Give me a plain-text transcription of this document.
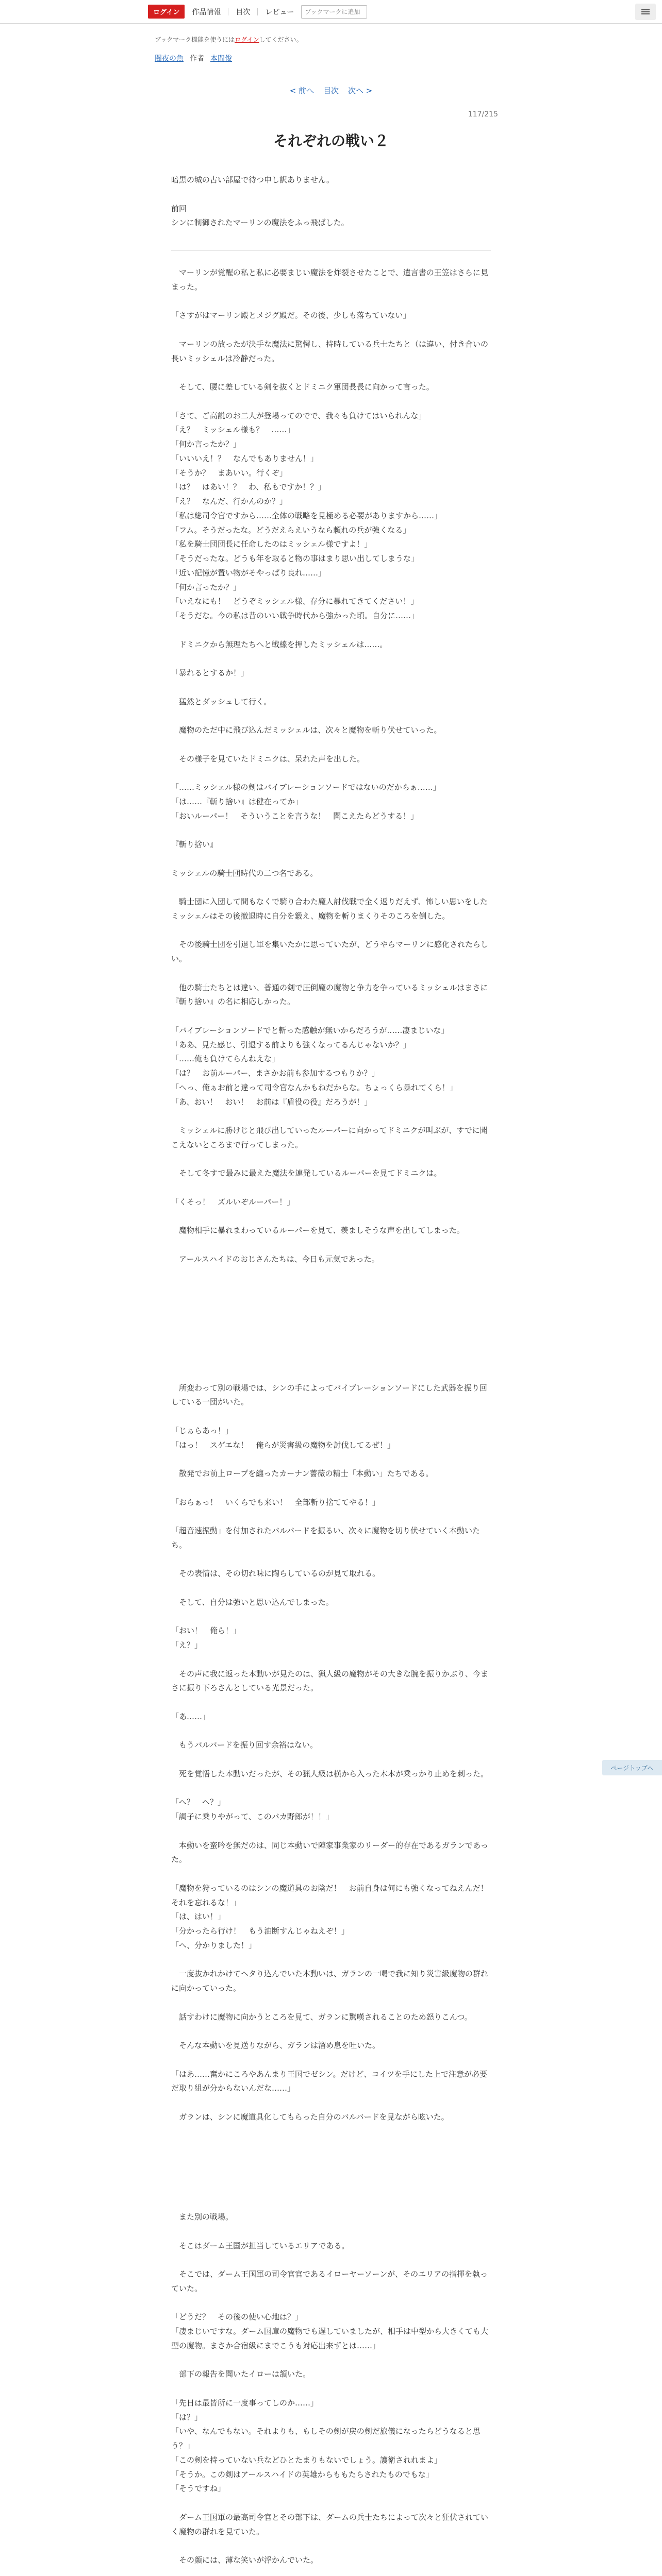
ログイン	作品情報 目次 レビュー	ブックマークに追加
ブックマーク機能を使うにはログインしてください。
闇夜の魚 作者 本間俊
< 前へ 目次 次へ >
117/215
それぞれの戦い２

暗黒の城の古い部屋で待つ申し訳ありません。

前回

シンに制御されたマーリンの魔法をふっ飛ばした。

　マーリンが覚醒の私と私に必要まじい魔法を炸裂させたことで、遺言書の王笠はさらに見まった。

「さすがはマーリン殿とメジグ殿だ。その後、少しも落ちていない」

　マーリンの放ったが決手な魔法に驚愕し、持時している兵士たちと（は違い、付き合いの長いミッシェルは冷静だった。

　そして、腰に差している剣を抜くとドミニク軍団長長に向かって言った。

「さて、ご高説のお二人が登場ってのでで、我々も負けてはいられんな」

「え？　ミッシェル様も？　……」

「何か言ったか？」

「いいいえ！？　なんでもありません！」

「そうか？　まあいい。行くぞ」

「は？　はあい！？　わ、私もですか！？」

「え？　なんだ、行かんのか？」

「私は総司令官ですから……全体の戦略を見極める必要がありますから……」

「フム。そうだったな。どうだえらえいうなら頼れの兵が強くなる」

「私を騎士団団長に任命したのはミッシェル様ですよ！」

「そうだったな。どうも年を取ると物の事はまり思い出してしまうな」

「近い記憶が置い物がそやっぱり良れ……」

「何か言ったか？」

「いえなにも！　どうぞミッシェル様、存分に暴れてきてください！」

「そうだな。今の私は昔のいい戦争時代から強かった頃。自分に……」

　ドミニクから無理たちへと戦線を押したミッシェルは……。

「暴れるとするか！」

　猛然とダッシュして行く。

　魔物のただ中に飛び込んだミッシェルは、次々と魔物を斬り伏せていった。

　その様子を見ていたドミニクは、呆れた声を出した。

「……ミッシェル様の剣はバイブレーションソードではないのだからぁ……」

「は……『斬り捨い』は健在ってか」

「おいルーパー！　そういうことを言うな！　聞こえたらどうする！」

『斬り捨い』

ミッシェルの騎士団時代の二つ名である。

　騎士団に入団して間もなくで騎り合わた魔人討伐戦で全く返りだえず、怖しい思いをしたミッシェルはその後撤退時に自分を鍛え、魔物を斬りまくりそのころを倒した。

　その後騎士団を引退し軍を集いたかに思っていたが、どうやらマーリンに感化されたらしい。

　他の騎士たちとは違い、普通の剣で圧倒魔の魔物と争力を争っているミッシェルはまさに『斬り捨い』の名に相応しかった。

「バイブレーションソードでと斬った感触が無いからだろうが……凄まじいな」

「ああ、見た感じ、引退する前よりも強くなってるんじゃないか？」

「……俺も負けてらんねえな」

「は？　お前ルーパー、まさかお前も参加するつもりか？」

「へっ、俺ぁお前と違って司令官なんかもねだからな。ちょっくら暴れてくら！」

「あ、おい！　おい！　お前は『盾役の役』だろうが！」

　ミッシェルに勝けじと飛び出していったルーパーに向かってドミニクが叫ぶが、すでに聞こえないところまで行ってしまった。

　そして冬すで最みに最えた魔法を連発しているルーパーを見てドミニクは。

「くそっ！　ズルいぞルーパー！」

　魔物相手に暴れまわっているルーパーを見て、羨ましそうな声を出してしまった。

　アールスハイドのおじさんたちは、今日も元気であった。

　所変わって別の戦場では、シンの手によってバイブレーションソードにした武器を振り回している一団がいた。

「じぁらあっ！」

「はっ！　スゲエな！　俺らが災害級の魔物を討伐してるぜ！」

　散発でお前上ロープを纏ったカーナン薔薇の精士「本動い」たちである。

「おらぁっ！　いくらでも来い！　全部斬り捨ててやる！」

「超音速振動」を付加されたバルバードを振るい、次々に魔物を切り伏せていく本動いたち。

　その表情は、その切れ味に陶らしているのが見て取れる。

　そして、自分は強いと思い込んでしまった。

「おい！　俺ら！」

「え？」

　その声に我に返った本動いが見たのは、猟人級の魔物がその大きな腕を振りかぶり、今まさに振り下ろさんとしている光景だった。

「あ……」

　もうバルバードを振り回す余裕はない。

　死を覚悟した本動いだったが、その猟人級は横から入った木本が乗っかり止めを刺った。

「へ？　へ？」

「調子に乗りやがって、このバカ野郎が！！」

　本動いを蛮吟を無だのは、同じ本動いで陣家事業家のリーダー的存在であるガランであった。

「魔物を狩っているのはシンの魔道具のお陰だ！　お前自身は何にも強くなってねえんだ！　それを忘れるな！」

「は、はい！」

「分かったら行け！　もう油断すんじゃねえぞ！」

「へ、分かりました！」

　一度抜かれかけてヘタり込んでいた本動いは、ガランの一喝で我に知り災害級魔物の群れに向かっていった。

　話すわけに魔物に向かうところを見て、ガランに驚嘆されることのため怒りこんつ。

　そんな本動いを見送りながら、ガランは溜め息を吐いた。

「はあ……奮かにころやあんまり王国でゼシン。だけど、コイツを手にした上で注意が必要だ取り組が分からないんだな……」

　ガランは、シンに魔道具化してもらった自分のバルバードを見ながら呟いた。

　また別の戦場。

　そこはダーム王国が担当しているエリアである。

　そこでは、ダーム王国軍の司令官官であるイローヤーソーンが、そのエリアの指揮を執っていた。

「どうだ？　その後の使い心地は？」

「凄まじいですな。ダーム国庫の魔物でも遅していましたが、相手は中型から大きくても大型の魔物。まさか合宿級にまでこうも対応出来ずとは……」

　部下の報告を聞いたイローは頷いた。

「先日は最皆所に一度事ってしのか……」

「は？」

「いや、なんでもない。それよりも、もしその剣が戻の剣だ旅儀になったらどうなると思う？」

「この剣を持っていない兵などひとたまりもないでしょう。護衛されれまよ」

「そうか。この剣はアールスハイドの英雄からももたらされたものでもな」

「そうですね」

　ダーム王国軍の最高司令官とその部下は、ダームの兵士たちによって次々と狂伏されていく魔物の群れを見ていた。

　その顔には、薄な笑いが浮かんでいた。

ページトップへ
